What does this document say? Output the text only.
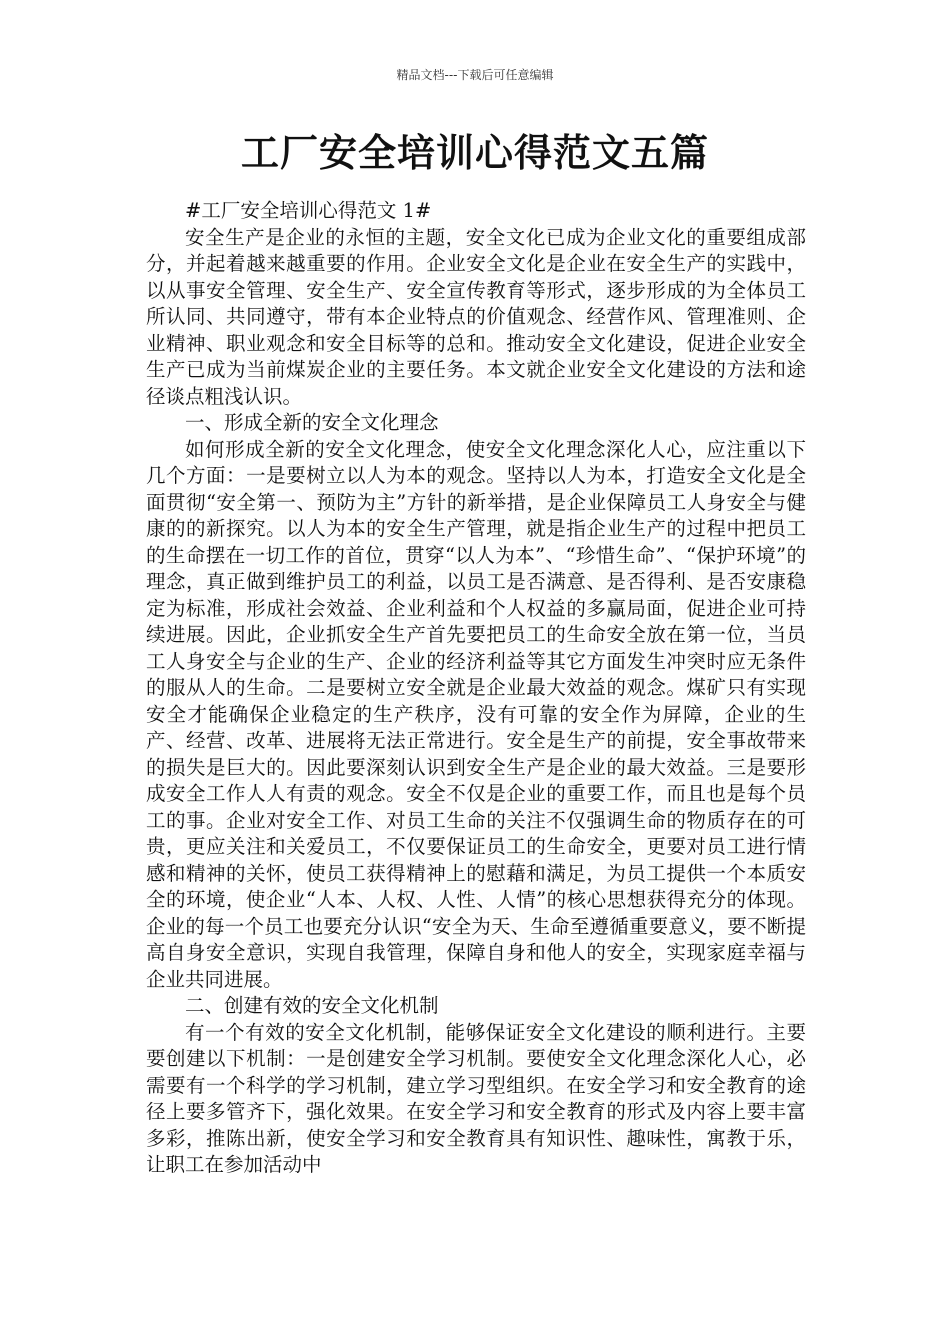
精品文档---下载后可任意编辑
工厂安全培训心得范文五篇

#工厂安全培训心得范文 1#

安全生产是企业的永恒的主题，安全文化已成为企业文化的重要组成部分，并起着越来越重要的作用。企业安全文化是企业在安全生产的实践中，以从事安全管理、安全生产、安全宣传教育等形式，逐步形成的为全体员工所认同、共同遵守，带有本企业特点的价值观念、经营作风、管理准则、企业精神、职业观念和安全目标等的总和。推动安全文化建设，促进企业安全生产已成为当前煤炭企业的主要任务。本文就企业安全文化建设的方法和途径谈点粗浅认识。

一、形成全新的安全文化理念

如何形成全新的安全文化理念，使安全文化理念深化人心，应注重以下几个方面：一是要树立以人为本的观念。坚持以人为本，打造安全文化是全面贯彻“安全第一、预防为主”方针的新举措，是企业保障员工人身安全与健康的的新探究。以人为本的安全生产管理，就是指企业生产的过程中把员工的生命摆在一切工作的首位，贯穿“以人为本”、“珍惜生命”、“保护环境”的理念，真正做到维护员工的利益，以员工是否满意、是否得利、是否安康稳定为标准，形成社会效益、企业利益和个人权益的多赢局面，促进企业可持续进展。因此，企业抓安全生产首先要把员工的生命安全放在第一位，当员工人身安全与企业的生产、企业的经济利益等其它方面发生冲突时应无条件的服从人的生命。二是要树立安全就是企业最大效益的观念。煤矿只有实现安全才能确保企业稳定的生产秩序，没有可靠的安全作为屏障，企业的生产、经营、改革、进展将无法正常进行。安全是生产的前提，安全事故带来的损失是巨大的。因此要深刻认识到安全生产是企业的最大效益。三是要形成安全工作人人有责的观念。安全不仅是企业的重要工作，而且也是每个员工的事。企业对安全工作、对员工生命的关注不仅强调生命的物质存在的可贵，更应关注和关爱员工，不仅要保证员工的生命安全，更要对员工进行情感和精神的关怀，使员工获得精神上的慰藉和满足，为员工提供一个本质安全的环境，使企业“人本、人权、人性、人情”的核心思想获得充分的体现。企业的每一个员工也要充分认识“安全为天、生命至遵循重要意义，要不断提高自身安全意识，实现自我管理，保障自身和他人的安全，实现家庭幸福与企业共同进展。

二、创建有效的安全文化机制

有一个有效的安全文化机制，能够保证安全文化建设的顺利进行。主要要创建以下机制：一是创建安全学习机制。要使安全文化理念深化人心，必需要有一个科学的学习机制，建立学习型组织。在安全学习和安全教育的途径上要多管齐下，强化效果。在安全学习和安全教育的形式及内容上要丰富多彩，推陈出新，使安全学习和安全教育具有知识性、趣味性，寓教于乐，让职工在参加活动中
